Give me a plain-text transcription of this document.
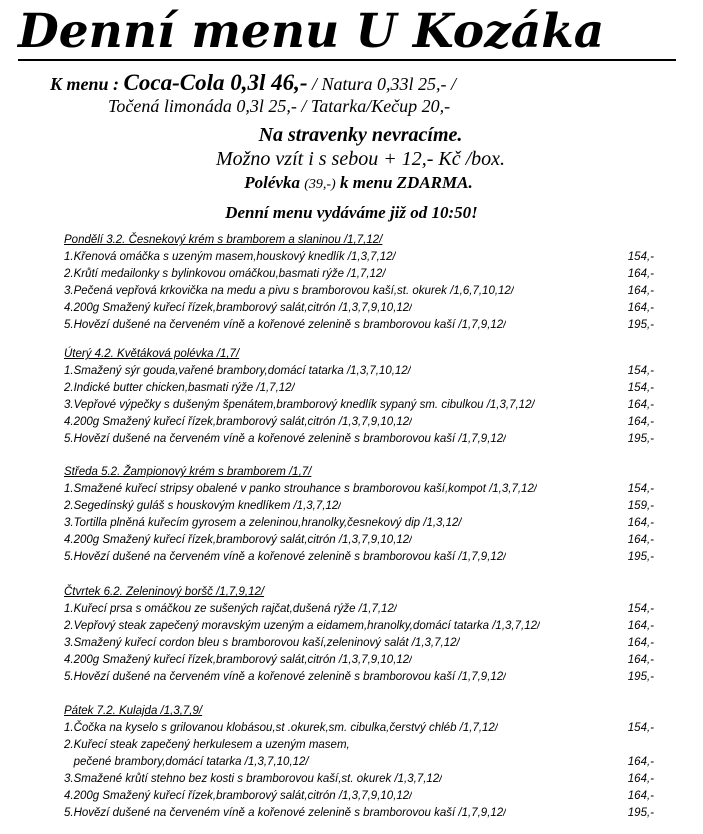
Denní menu U Kozáka
K menu : Coca-Cola 0,3l 46,- / Natura 0,33l 25,- /
Točená limonáda 0,3l 25,- / Tatarka/Kečup 20,-
Na stravenky nevracíme.
Možno vzít i s sebou + 12,- Kč /box.
Polévka (39,-) k menu ZDARMA.
Denní menu vydáváme již od 10:50!
Pondělí 3.2. Česnekový krém s bramborem a slaninou /1,7,12/
1.Křenová omáčka s uzeným masem,houskový knedlík /1,3,7,12/	154,-
2.Krůtí medailonky s bylinkovou omáčkou,basmati rýže /1,7,12/	164,-
3.Pečená vepřová krkovička na medu a pivu s bramborovou kaší,st. okurek /1,6,7,10,12/	164,-
4.200g Smažený kuřecí řízek,bramborový salát,citrón /1,3,7,9,10,12/	164,-
5.Hovězí dušené na červeném víně a kořenové zelenině s bramborovou kaší /1,7,9,12/	195,-
Úterý 4.2. Květáková polévka /1,7/
1.Smažený sýr gouda,vařené brambory,domácí tatarka /1,3,7,10,12/	154,-
2.Indické butter chicken,basmati rýže /1,7,12/	154,-
3.Vepřové výpečky s dušeným špenátem,bramborový knedlík sypaný sm. cibulkou /1,3,7,12/	164,-
4.200g Smažený kuřecí řízek,bramborový salát,citrón /1,3,7,9,10,12/	164,-
5.Hovězí dušené na červeném víně a kořenové zelenině s bramborovou kaší /1,7,9,12/	195,-
Středa 5.2. Žampionový krém s bramborem /1,7/
1.Smažené kuřecí stripsy obalené v panko strouhance s bramborovou kaší,kompot /1,3,7,12/	154,-
2.Segedínský guláš s houskovým knedlíkem /1,3,7,12/	159,-
3.Tortilla plněná kuřecím gyrosem a zeleninou,hranolky,česnekový dip /1,3,12/	164,-
4.200g Smažený kuřecí řízek,bramborový salát,citrón /1,3,7,9,10,12/	164,-
5.Hovězí dušené na červeném víně a kořenové zelenině s bramborovou kaší /1,7,9,12/	195,-
Čtvrtek 6.2. Zeleninový boršč /1,7,9,12/
1.Kuřecí prsa s omáčkou ze sušených rajčat,dušená rýže /1,7,12/	154,-
2.Vepřový steak zapečený moravským uzeným a eidamem,hranolky,domácí tatarka /1,3,7,12/	164,-
3.Smažený kuřecí cordon bleu s bramborovou kaší,zeleninový salát /1,3,7,12/	164,-
4.200g Smažený kuřecí řízek,bramborový salát,citrón /1,3,7,9,10,12/	164,-
5.Hovězí dušené na červeném víně a kořenové zelenině s bramborovou kaší /1,7,9,12/	195,-
Pátek 7.2. Kulajda /1,3,7,9/
1.Čočka na kyselo s grilovanou klobásou,st .okurek,sm. cibulka,čerstvý chléb /1,7,12/	154,-
2.Kuřecí steak zapečený herkulesem a uzeným masem,
pečené brambory,domácí tatarka /1,3,7,10,12/	164,-
3.Smažené krůtí stehno bez kosti s bramborovou kaší,st. okurek /1,3,7,12/	164,-
4.200g Smažený kuřecí řízek,bramborový salát,citrón /1,3,7,9,10,12/	164,-
5.Hovězí dušené na červeném víně a kořenové zelenině s bramborovou kaší /1,7,9,12/	195,-
